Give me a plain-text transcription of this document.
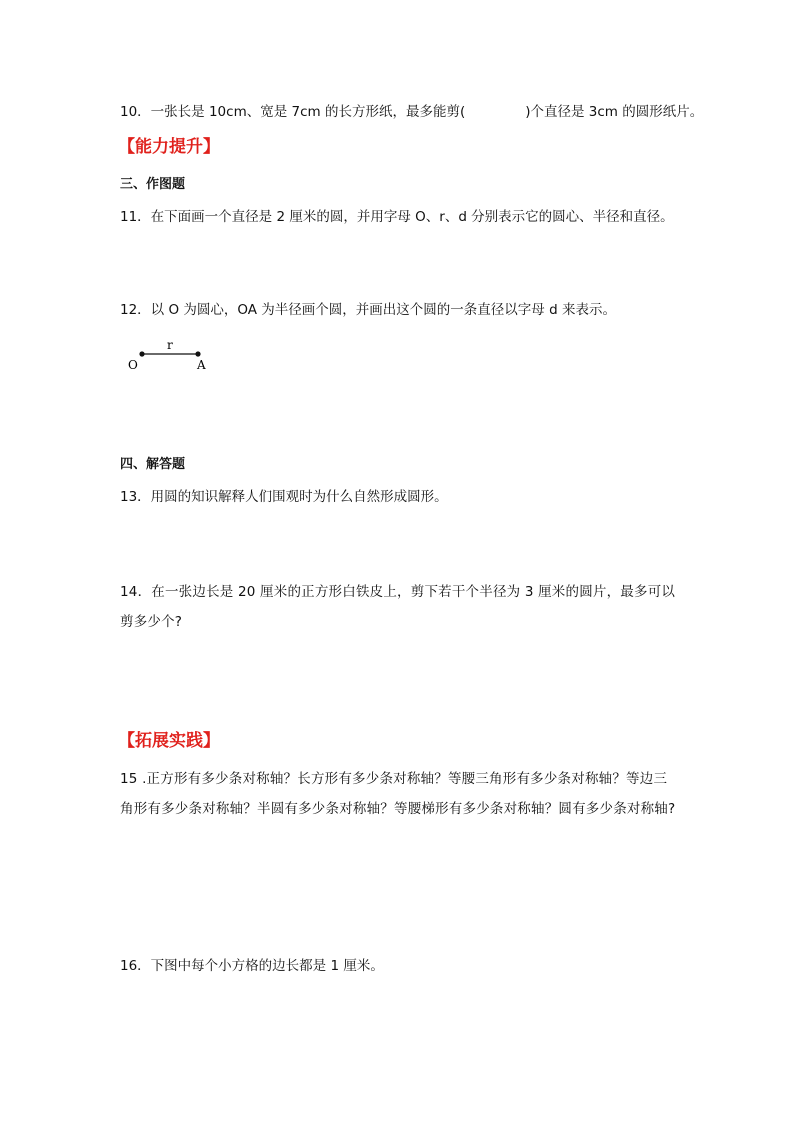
10．一张长是 10cm、宽是 7cm 的长方形纸，最多能剪(	)个直径是 3cm 的圆形纸片。
【能力提升】
三、作图题
11．在下面画一个直径是 2 厘米的圆，并用字母 O、r、d 分别表示它的圆心、半径和直径。
12．以 O 为圆心，OA 为半径画个圆，并画出这个圆的一条直径以字母 d 来表示。
r
O	A
四、解答题
13．用圆的知识解释人们围观时为什么自然形成圆形。
14．在一张边长是 20 厘米的正方形白铁皮上，剪下若干个半径为 3 厘米的圆片，最多可以剪多少个?
【拓展实践】
15 .正方形有多少条对称轴？长方形有多少条对称轴？等腰三角形有多少条对称轴？等边三角形有多少条对称轴？半圆有多少条对称轴？等腰梯形有多少条对称轴？圆有多少条对称轴?
16．下图中每个小方格的边长都是 1 厘米。
